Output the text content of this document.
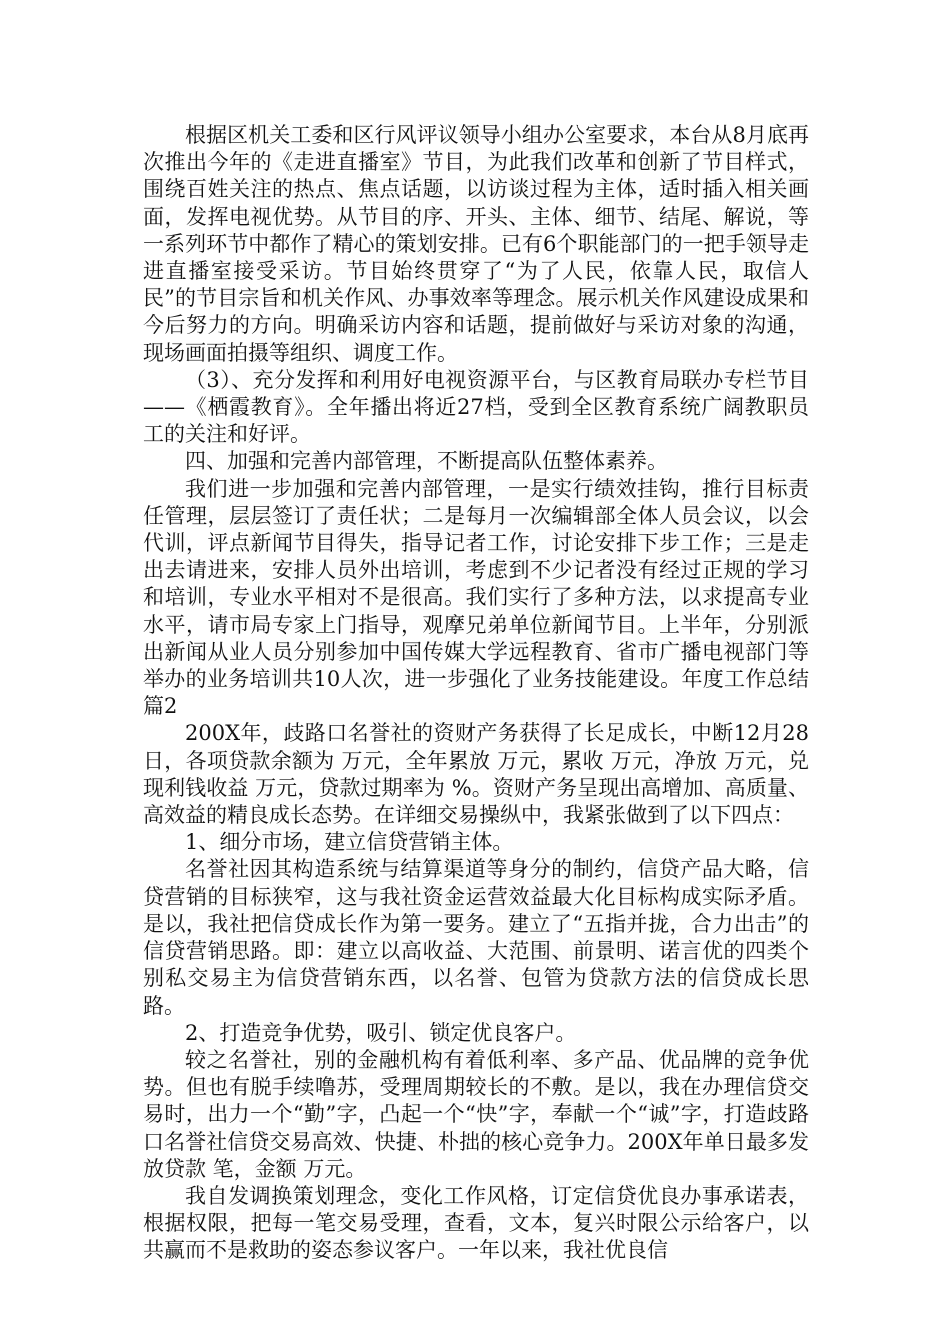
根据区机关工委和区行风评议领导小组办公室要求，本台从8月底再次推出今年的《走进直播室》节目，为此我们改革和创新了节目样式，围绕百姓关注的热点、焦点话题，以访谈过程为主体，适时插入相关画面，发挥电视优势。从节目的序、开头、主体、细节、结尾、解说，等一系列环节中都作了精心的策划安排。已有6个职能部门的一把手领导走进直播室接受采访。节目始终贯穿了“为了人民，依靠人民，取信人民”的节目宗旨和机关作风、办事效率等理念。展示机关作风建设成果和今后努力的方向。明确采访内容和话题，提前做好与采访对象的沟通，现场画面拍摄等组织、调度工作。

（3）、充分发挥和利用好电视资源平台，与区教育局联办专栏节目——《栖霞教育》。全年播出将近27档，受到全区教育系统广阔教职员工的关注和好评。

四、加强和完善内部管理，不断提高队伍整体素养。

我们进一步加强和完善内部管理，一是实行绩效挂钩，推行目标责任管理，层层签订了责任状；二是每月一次编辑部全体人员会议，以会代训，评点新闻节目得失，指导记者工作，讨论安排下步工作；三是走出去请进来，安排人员外出培训，考虑到不少记者没有经过正规的学习和培训，专业水平相对不是很高。我们实行了多种方法，以求提高专业水平，请市局专家上门指导，观摩兄弟单位新闻节目。上半年，分别派出新闻从业人员分别参加中国传媒大学远程教育、省市广播电视部门等举办的业务培训共10人次，进一步强化了业务技能建设。年度工作总结 篇2

200X年，歧路口名誉社的资财产务获得了长足成长，中断12月28日，各项贷款余额为 万元，全年累放 万元，累收 万元，净放 万元，兑现利钱收益 万元，贷款过期率为 %。资财产务呈现出高增加、高质量、高效益的精良成长态势。在详细交易操纵中，我紧张做到了以下四点：

1、细分市场，建立信贷营销主体。

名誉社因其构造系统与结算渠道等身分的制约，信贷产品大略，信贷营销的目标狭窄，这与我社资金运营效益最大化目标构成实际矛盾。是以，我社把信贷成长作为第一要务。建立了“五指并拢，合力出击”的信贷营销思路。即：建立以高收益、大范围、前景明、诺言优的四类个别私交易主为信贷营销东西，以名誉、包管为贷款方法的信贷成长思路。

2、打造竞争优势，吸引、锁定优良客户。

较之名誉社，别的金融机构有着低利率、多产品、优品牌的竞争优势。但也有脱手续噜苏，受理周期较长的不敷。是以，我在办理信贷交易时，出力一个“勤”字，凸起一个“快”字，奉献一个“诚”字，打造歧路口名誉社信贷交易高效、快捷、朴拙的核心竞争力。200X年单日最多发放贷款 笔，金额 万元。

我自发调换策划理念，变化工作风格，订定信贷优良办事承诺表，根据权限，把每一笔交易受理，查看，文本，复兴时限公示给客户，以共赢而不是救助的姿态参议客户。一年以来，我社优良信
